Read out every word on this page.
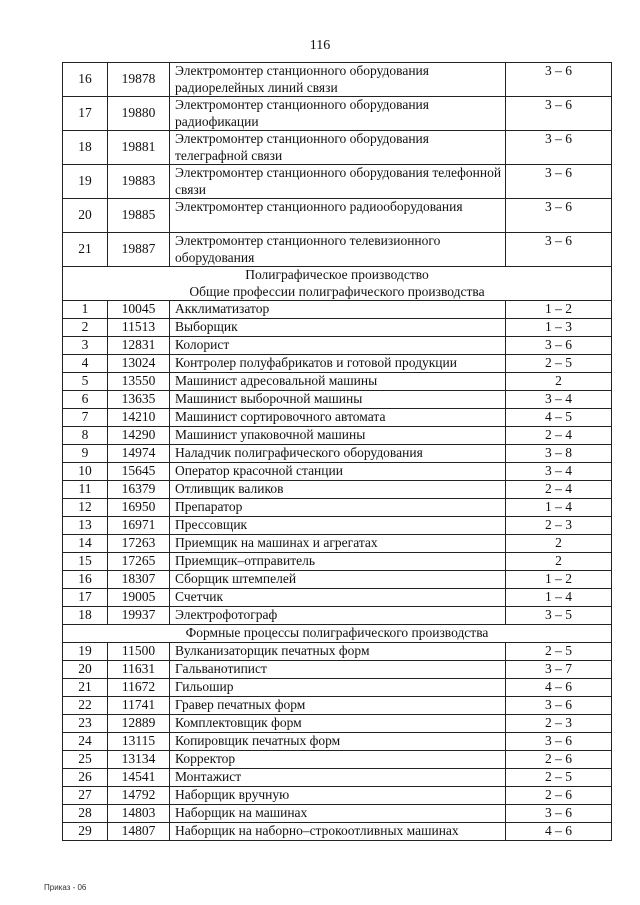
116
16	19878	Электромонтер станционного оборудования радиорелейных линий связи	3 – 6
17	19880	Электромонтер станционного оборудования радиофикации	3 – 6
18	19881	Электромонтер станционного оборудования телеграфной связи	3 – 6
19	19883	Электромонтер станционного оборудования телефонной связи	3 – 6
20	19885	Электромонтер станционного радиооборудования	3 – 6
21	19887	Электромонтер станционного телевизионного оборудования	3 – 6

Полиграфическое производство
Общие профессии полиграфического производства			

1	10045	Акклиматизатор	1 – 2
2	11513	Выборщик	1 – 3
3	12831	Колорист	3 – 6
4	13024	Контролер полуфабрикатов и готовой продукции	2 – 5
5	13550	Машинист адресовальной машины	2
6	13635	Машинист выборочной машины	3 – 4
7	14210	Машинист сортировочного автомата	4 – 5
8	14290	Машинист упаковочной машины	2 – 4
9	14974	Наладчик полиграфического оборудования	3 – 8
10	15645	Оператор красочной станции	3 – 4
11	16379	Отливщик валиков	2 – 4
12	16950	Препаратор	1 – 4
13	16971	Прессовщик	2 – 3
14	17263	Приемщик на машинах и агрегатах	2
15	17265	Приемщик–отправитель	2
16	18307	Сборщик штемпелей	1 – 2
17	19005	Счетчик	1 – 4
18	19937	Электрофотограф	3 – 5

Формные процессы полиграфического производства			

19	11500	Вулканизаторщик печатных форм	2 – 5
20	11631	Гальванотипист	3 – 7
21	11672	Гильошир	4 – 6
22	11741	Гравер печатных форм	3 – 6
23	12889	Комплектовщик форм	2 – 3
24	13115	Копировщик печатных форм	3 – 6
25	13134	Корректор	2 – 6
26	14541	Монтажист	2 – 5
27	14792	Наборщик вручную	2 – 6
28	14803	Наборщик на машинах	3 – 6
29	14807	Наборщик на наборно–строкоотливных машинах	4 – 6
Приказ - 06
